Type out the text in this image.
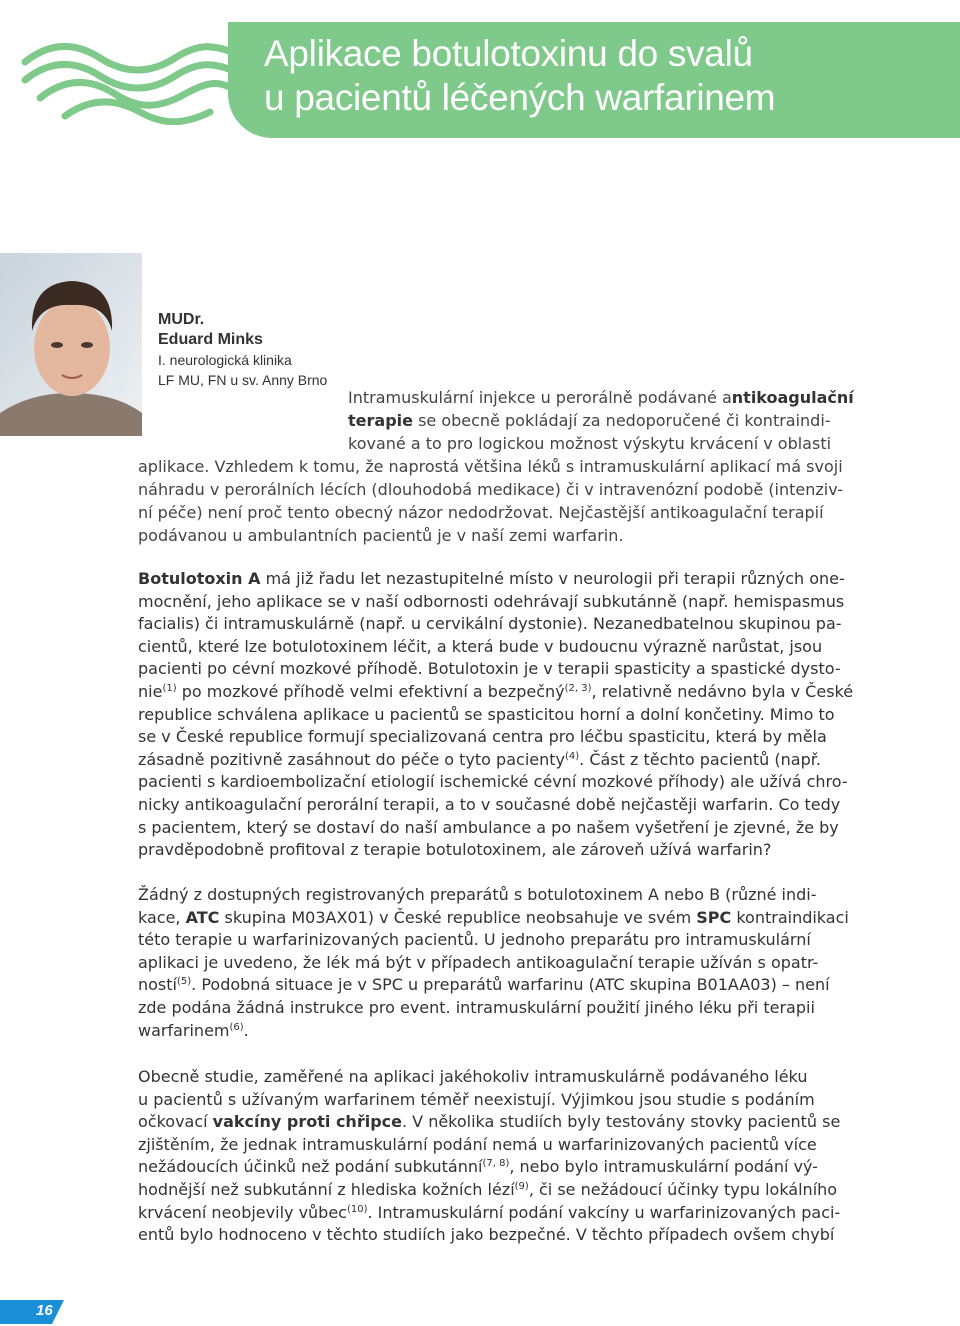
Aplikace botulotoxinu do svalů
u pacientů léčených warfarinem
MUDr.
Eduard Minks
I. neurologická klinika
LF MU, FN u sv. Anny Brno
Intramuskulární injekce u perorálně podávané antikoagulační
terapie se obecně pokládají za nedoporučené či kontraindi-
kované a to pro logickou možnost výskytu krvácení v oblasti
aplikace. Vzhledem k tomu, že naprostá většina léků s intramuskulární aplikací má svoji
náhradu v perorálních lécích (dlouhodobá medikace) či v intravenózní podobě (intenziv-
ní péče) není proč tento obecný názor nedodržovat. Nejčastější antikoagulační terapií
podávanou u ambulantních pacientů je v naší zemi warfarin.
Botulotoxin A má již řadu let nezastupitelné místo v neurologii při terapii různých one-
mocnění, jeho aplikace se v naší odbornosti odehrávají subkutánně (např. hemispasmus
facialis) či intramuskulárně (např. u cervikální dystonie). Nezanedbatelnou skupinou pa-
cientů, které lze botulotoxinem léčit, a která bude v budoucnu výrazně narůstat, jsou
pacienti po cévní mozkové příhodě. Botulotoxin je v terapii spasticity a spastické dysto-
nie$^{(1)}$ po mozkové příhodě velmi efektivní a bezpečný$^{(2, 3)}$, relativně nedávno byla v České
republice schválena aplikace u pacientů se spasticitou horní a dolní končetiny. Mimo to
se v České republice formují specializovaná centra pro léčbu spasticitu, která by měla
zásadně pozitivně zasáhnout do péče o tyto pacienty$^{(4)}$. Část z těchto pacientů (např.
pacienti s kardioembolizační etiologií ischemické cévní mozkové příhody) ale užívá chro-
nicky antikoagulační perorální terapii, a to v současné době nejčastěji warfarin. Co tedy
s pacientem, který se dostaví do naší ambulance a po našem vyšetření je zjevné, že by
pravděpodobně profitoval z terapie botulotoxinem, ale zároveň užívá warfarin?
Žádný z dostupných registrovaných preparátů s botulotoxinem A nebo B (různé indi-
kace, ATC skupina M03AX01) v České republice neobsahuje ve svém SPC kontraindikaci
této terapie u warfarinizovaných pacientů. U jednoho preparátu pro intramuskulární
aplikaci je uvedeno, že lék má být v případech antikoagulační terapie užíván s opatr-
ností$^{(5)}$. Podobná situace je v SPC u preparátů warfarinu (ATC skupina B01AA03) – není
zde podána žádná instrukce pro event. intramuskulární použití jiného léku při terapii
warfarinem$^{(6)}$.
Obecně studie, zaměřené na aplikaci jakéhokoliv intramuskulárně podávaného léku
u pacientů s užívaným warfarinem téměř neexistují. Výjimkou jsou studie s podáním
očkovací vakcíny proti chřipce. V několika studiích byly testovány stovky pacientů se
zjištěním, že jednak intramuskulární podání nemá u warfarinizovaných pacientů více
nežádoucích účinků než podání subkutánní$^{(7, 8)}$, nebo bylo intramuskulární podání vý-
hodnější než subkutánní z hlediska kožních lézí$^{(9)}$, či se nežádoucí účinky typu lokálního
krvácení neobjevily vůbec$^{(10)}$. Intramuskulární podání vakcíny u warfarinizovaných paci-
entů bylo hodnoceno v těchto studiích jako bezpečné. V těchto případech ovšem chybí
16
